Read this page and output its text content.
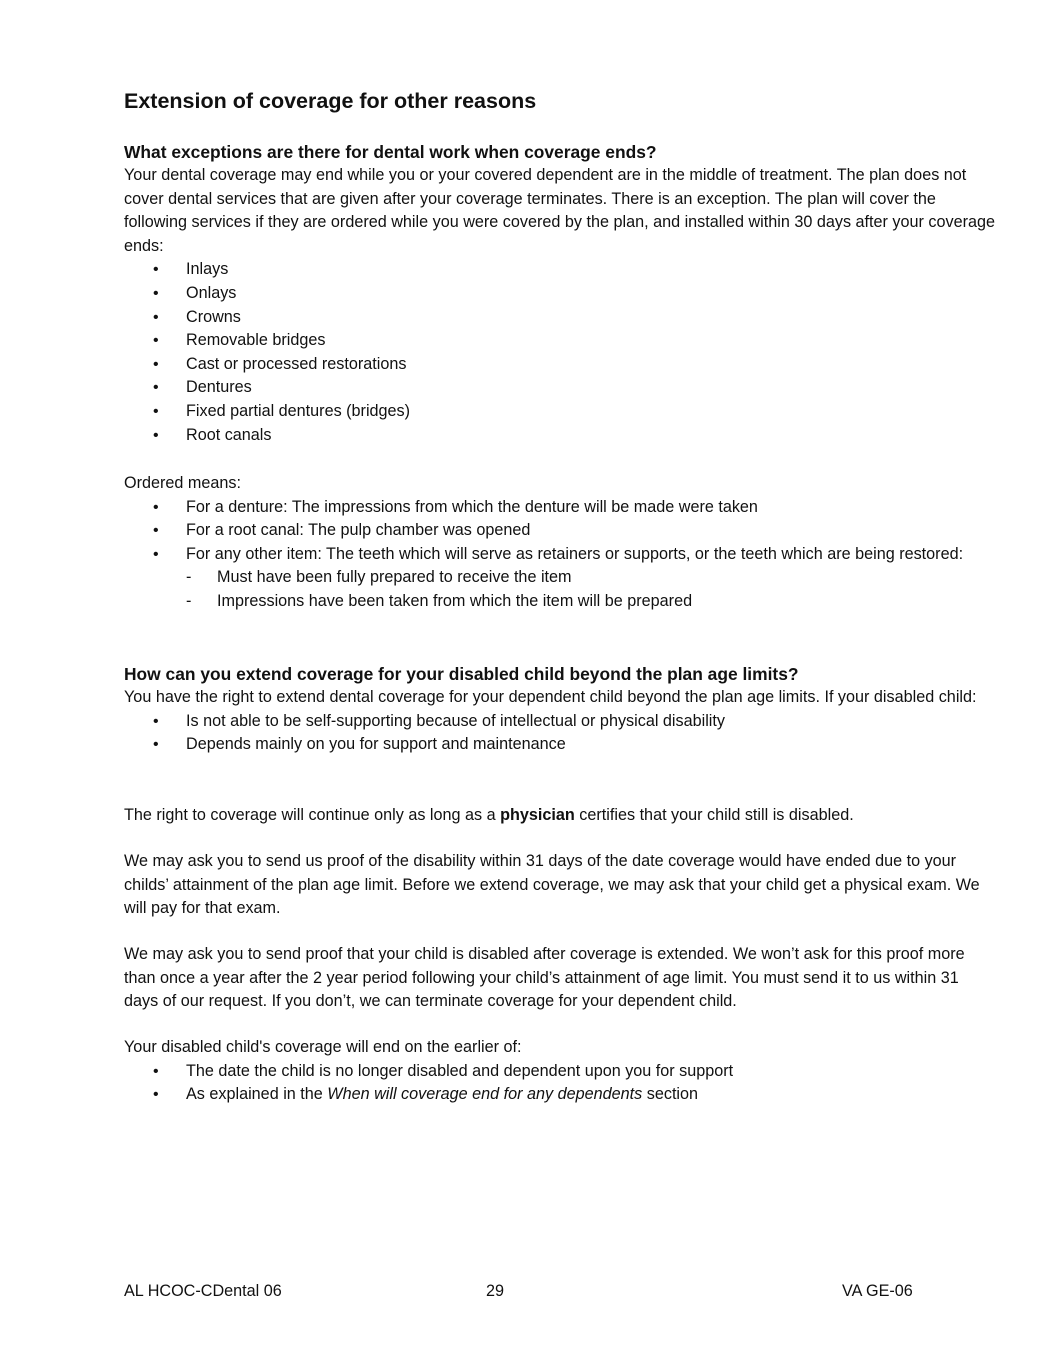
Extension of coverage for other reasons
What exceptions are there for dental work when coverage ends?

Your dental coverage may end while you or your covered dependent are in the middle of treatment. The plan does not cover dental services that are given after your coverage terminates. There is an exception. The plan will cover the following services if they are ordered while you were covered by the plan, and installed within 30 days after your coverage ends:

• Inlays
• Onlays
• Crowns
• Removable bridges
• Cast or processed restorations
• Dentures
• Fixed partial dentures (bridges)
• Root canals

Ordered means:

• For a denture: The impressions from which the denture will be made were taken
• For a root canal: The pulp chamber was opened
• For any other item: The teeth which will serve as retainers or supports, or the teeth which are being restored:
- Must have been fully prepared to receive the item
- Impressions have been taken from which the item will be prepared
How can you extend coverage for your disabled child beyond the plan age limits?

You have the right to extend dental coverage for your dependent child beyond the plan age limits. If your disabled child:

• Is not able to be self-supporting because of intellectual or physical disability
• Depends mainly on you for support and maintenance

The right to coverage will continue only as long as a physician certifies that your child still is disabled.

We may ask you to send us proof of the disability within 31 days of the date coverage would have ended due to your childs’ attainment of the plan age limit. Before we extend coverage, we may ask that your child get a physical exam. We will pay for that exam.

We may ask you to send proof that your child is disabled after coverage is extended. We won’t ask for this proof more than once a year after the 2 year period following your child’s attainment of age limit. You must send it to us within 31 days of our request. If you don’t, we can terminate coverage for your dependent child.

Your disabled child's coverage will end on the earlier of:

• The date the child is no longer disabled and dependent upon you for support
• As explained in the When will coverage end for any dependents section
AL HCOC-CDental 06	29	VA GE-06
